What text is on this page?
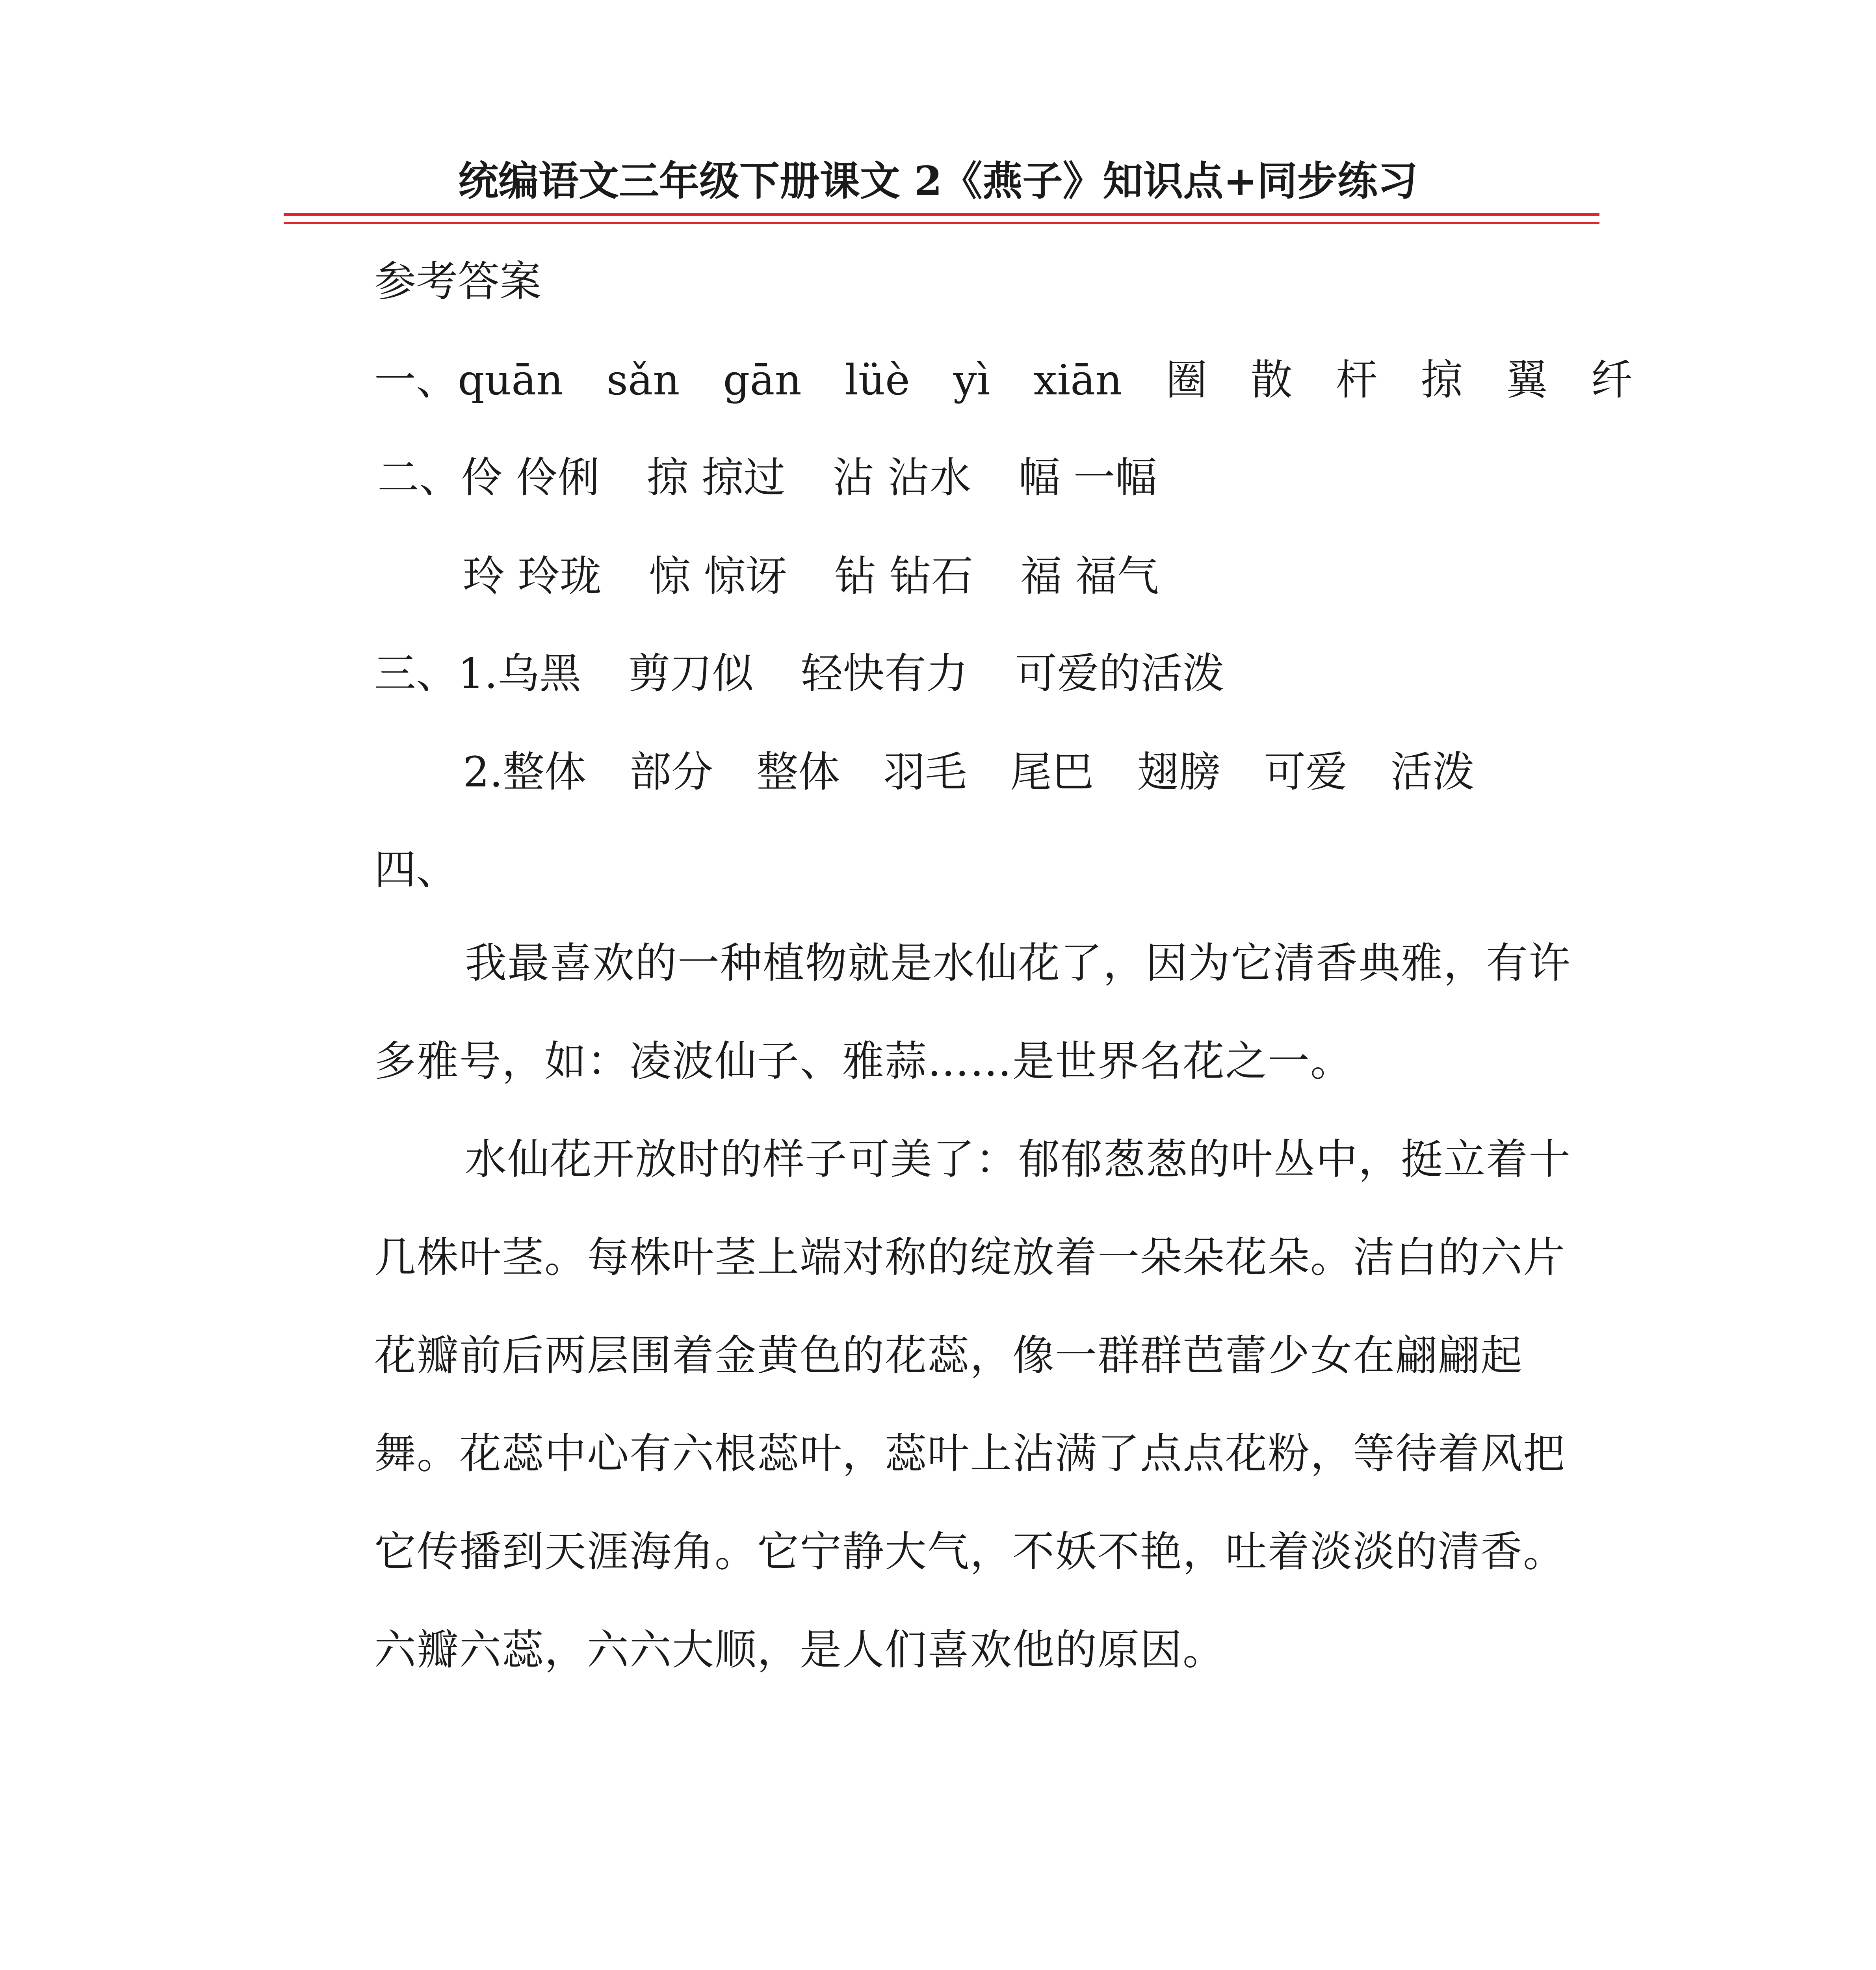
统编语文三年级下册课文 2《燕子》知识点+同步练习
参考答案
一、quān sǎn gān lüè yì xiān 圈 散 杆 掠 翼 纤
二、伶 伶俐 掠 掠过 沾 沾水 幅 一幅
玲 玲珑 惊 惊讶 钻 钻石 福 福气
三、1.乌黑 剪刀似 轻快有力 可爱的活泼
2.整体 部分 整体 羽毛 尾巴 翅膀 可爱 活泼
四、

我最喜欢的一种植物就是水仙花了，因为它清香典雅，有许多雅号，如：凌波仙子、雅蒜……是世界名花之一。

水仙花开放时的样子可美了：郁郁葱葱的叶丛中，挺立着十几株叶茎。每株叶茎上端对称的绽放着一朵朵花朵。洁白的六片花瓣前后两层围着金黄色的花蕊，像一群群芭蕾少女在翩翩起舞。花蕊中心有六根蕊叶，蕊叶上沾满了点点花粉，等待着风把它传播到天涯海角。它宁静大气，不妖不艳，吐着淡淡的清香。六瓣六蕊，六六大顺，是人们喜欢他的原因。
